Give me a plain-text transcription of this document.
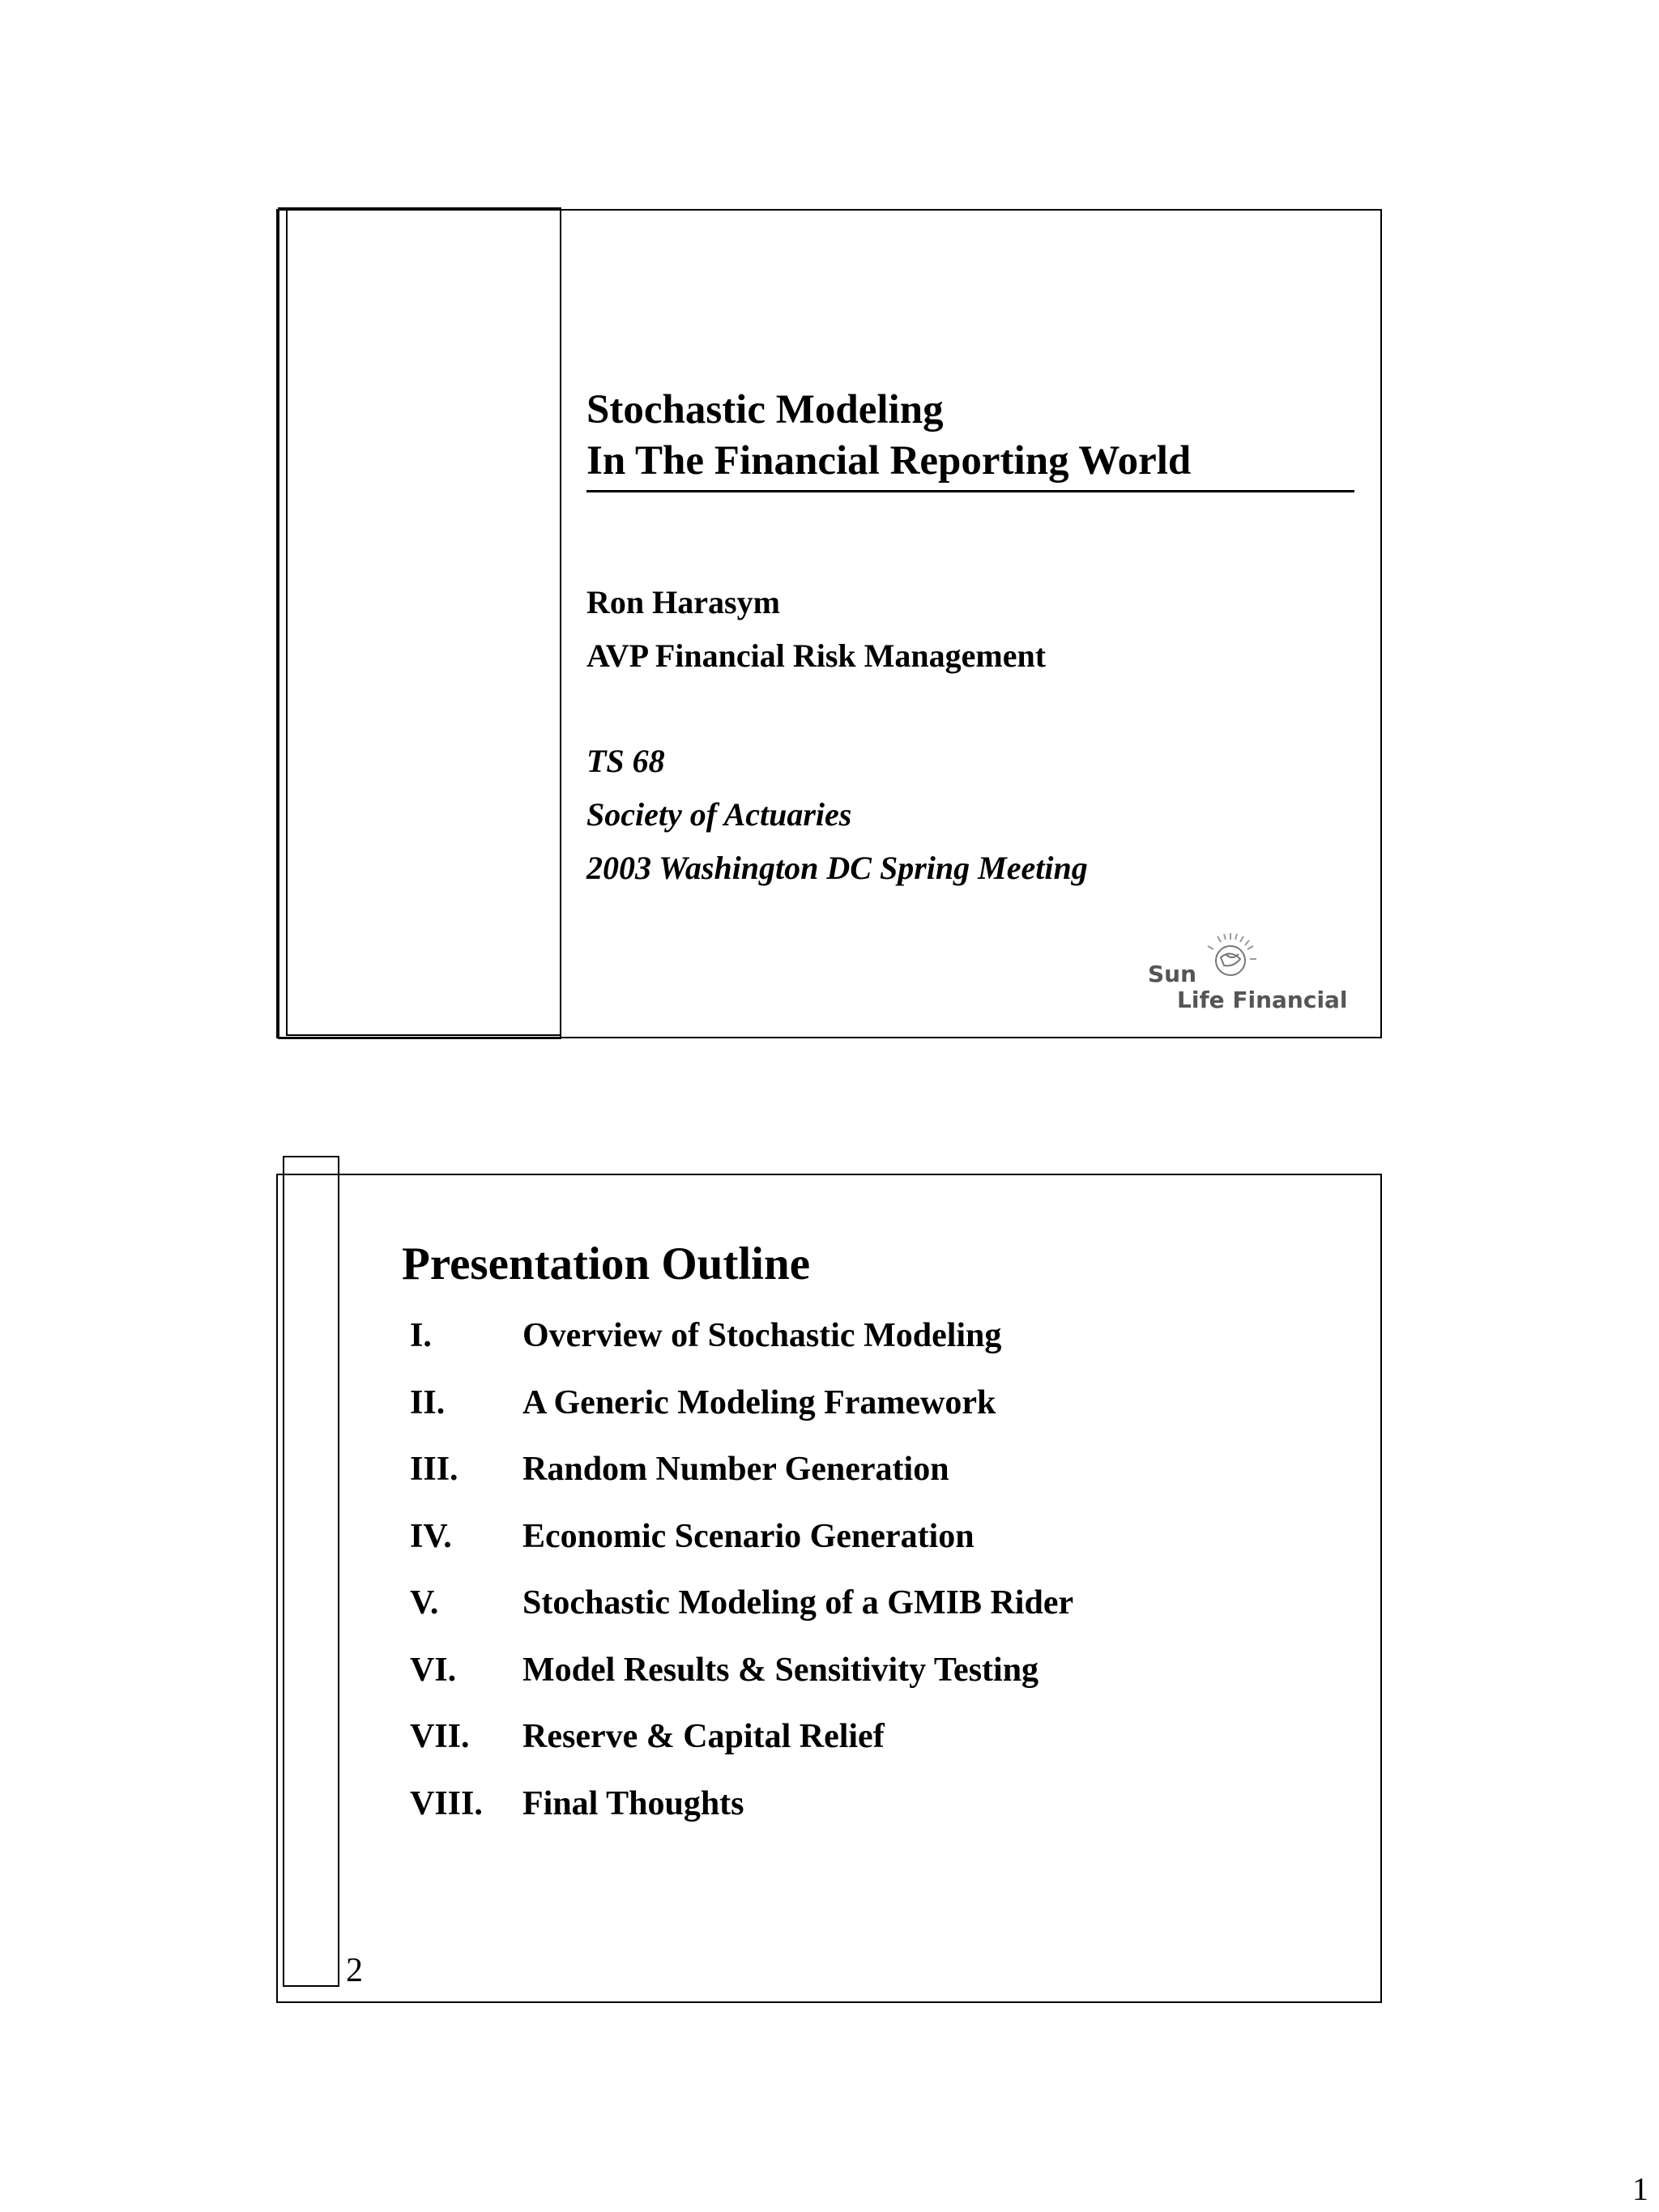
Stochastic Modeling
In The Financial Reporting World
Ron Harasym
AVP Financial Risk Management
TS 68
Society of Actuaries
2003 Washington DC Spring Meeting
Sun
Life Financial
2
Presentation Outline
I.	Overview of Stochastic Modeling
II. A Generic Modeling Framework
III. Random Number Generation
IV. Economic Scenario Generation
V. Stochastic Modeling of a GMIB Rider
VI. Model Results & Sensitivity Testing
VII. Reserve & Capital Relief
VIII. Final Thoughts
1
